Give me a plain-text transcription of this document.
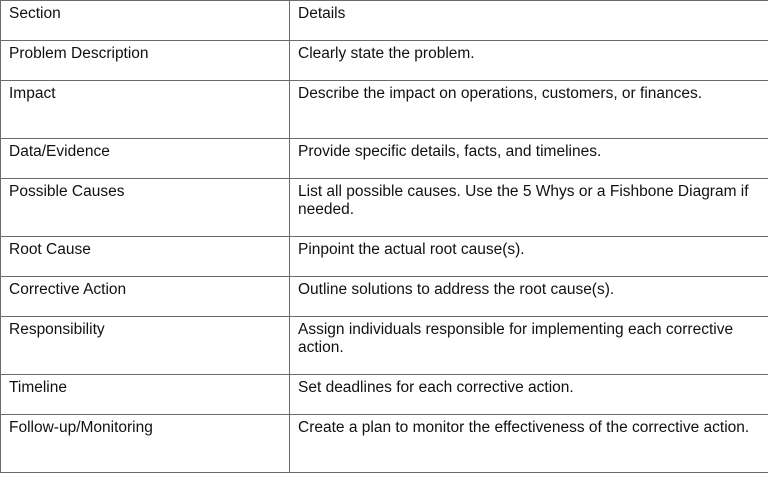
Section	Details
Problem Description	Clearly state the problem.
Impact	Describe the impact on operations, customers, or finances.
Data/Evidence	Provide specific details, facts, and timelines.
Possible Causes	List all possible causes. Use the 5 Whys or a Fishbone Diagram if needed.
Root Cause	Pinpoint the actual root cause(s).
Corrective Action	Outline solutions to address the root cause(s).
Responsibility	Assign individuals responsible for implementing each corrective action.
Timeline	Set deadlines for each corrective action.
Follow-up/Monitoring	Create a plan to monitor the effectiveness of the corrective action.
